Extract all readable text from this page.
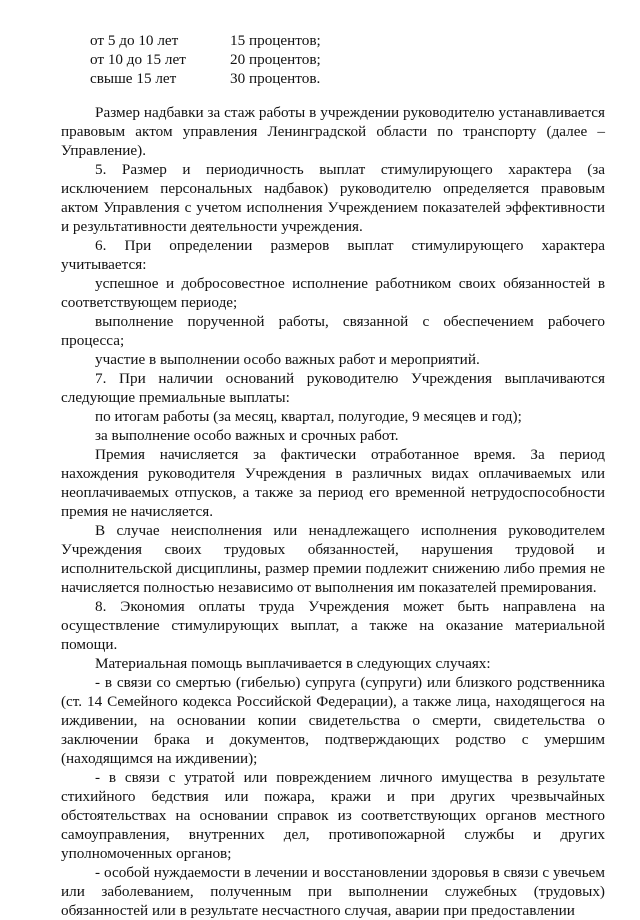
от 5 до 10 лет	15 процентов;
от 10 до 15 лет	20 процентов;
свыше 15 лет	30 процентов.

Размер надбавки за стаж работы в учреждении руководителю устанавливается правовым актом управления Ленинградской области по транспорту (далее – Управление).

5. Размер и периодичность выплат стимулирующего характера (за исключением персональных надбавок) руководителю определяется правовым актом Управления с учетом исполнения Учреждением показателей эффективности и результативности деятельности учреждения.

6. При определении размеров выплат стимулирующего характера учитывается:

успешное и добросовестное исполнение работником своих обязанностей в соответствующем периоде;

выполнение порученной работы, связанной с обеспечением рабочего процесса;

участие в выполнении особо важных работ и мероприятий.

7. При наличии оснований руководителю Учреждения выплачиваются следующие премиальные выплаты:

по итогам работы (за месяц, квартал, полугодие, 9 месяцев и год);

за выполнение особо важных и срочных работ.

Премия начисляется за фактически отработанное время. За период нахождения руководителя Учреждения в различных видах оплачиваемых или неоплачиваемых отпусков, а также за период его временной нетрудоспособности премия не начисляется.

В случае неисполнения или ненадлежащего исполнения руководителем Учреждения своих трудовых обязанностей, нарушения трудовой и исполнительской дисциплины, размер премии подлежит снижению либо премия не начисляется полностью независимо от выполнения им показателей премирования.

8. Экономия оплаты труда Учреждения может быть направлена на осуществление стимулирующих выплат, а также на оказание материальной помощи.

Материальная помощь выплачивается в следующих случаях:

- в связи со смертью (гибелью) супруга (супруги) или близкого родственника (ст. 14 Семейного кодекса Российской Федерации), а также лица, находящегося на иждивении, на основании копии свидетельства о смерти, свидетельства о заключении брака и документов, подтверждающих родство с умершим (находящимся на иждивении);

- в связи с утратой или повреждением личного имущества в результате стихийного бедствия или пожара, кражи и при других чрезвычайных обстоятельствах на основании справок из соответствующих органов местного самоуправления, внутренних дел, противопожарной службы и других уполномоченных органов;

- особой нуждаемости в лечении и восстановлении здоровья в связи с увечьем или заболеванием, полученным при выполнении служебных (трудовых) обязанностей или в результате несчастного случая, аварии при предоставлении
